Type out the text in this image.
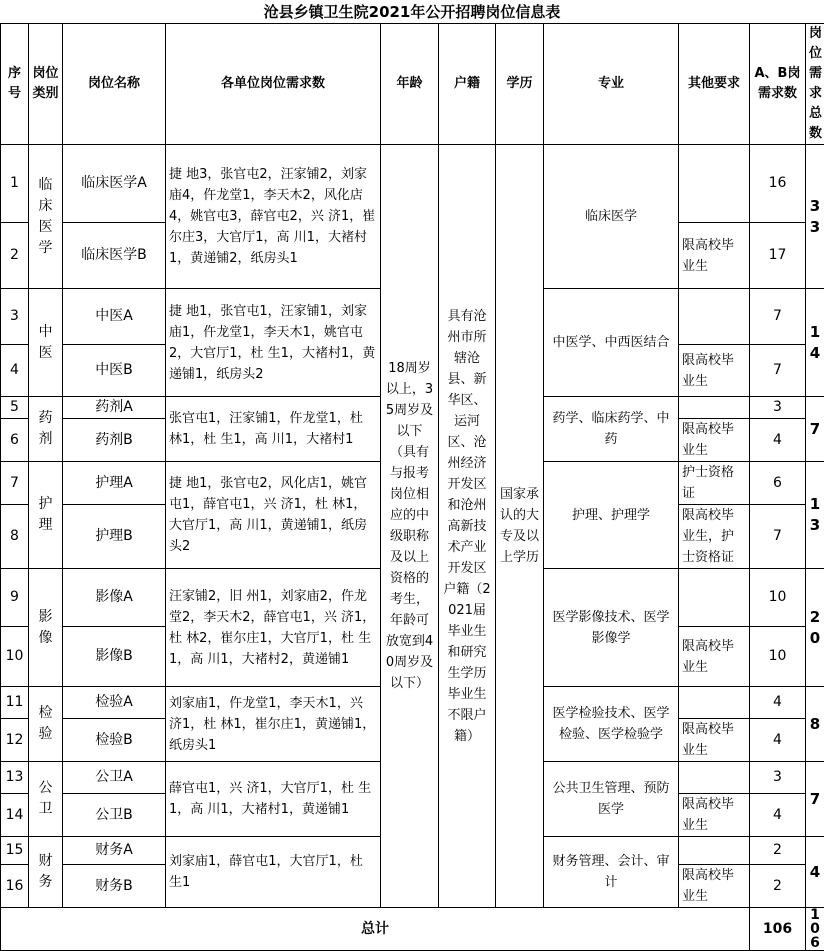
沧县乡镇卫生院2021年公开招聘岗位信息表
序号	岗位类别	岗位名称	各单位岗位需求数	年龄	户籍	学历	专业	其他要求	A、B岗需求数	岗位需求总数
1	临床医学	临床医学A	捷 地3，张官屯2，汪家铺2，刘家庙4，仵龙堂1，李天木2，风化店4，姚官屯3，薛官屯2，兴 济1，崔尔庄3，大官厅1，高 川1，大褚村1，黄递铺2，纸房头1	18周岁以上，35周岁及以下（具有与报考岗位相应的中级职称及以上资格的考生，年龄可放宽到40周岁及以下）	具有沧州市所辖沧县、新华区、运河区、沧州经济开发区和沧州高新技术产业开发区户籍（2021届毕业生和研究生学历毕业生不限户籍）	国家承认的大专及以上学历	临床医学		16	33
2		临床医学B						限高校毕业生	17	
3	中医	中医A	捷 地1，张官屯1，汪家铺1，刘家庙1，仵龙堂1，李天木1，姚官屯2，大官厅1，杜 生1，大褚村1，黄递铺1，纸房头2				中医学、中西医结合		7	14
4		中医B						限高校毕业生	7	
5	药剂	药剂A	张官屯1，汪家铺1，仵龙堂1，杜 林1，杜 生1，高 川1，大褚村1				药学、临床药学、中药		3	7
6		药剂B						限高校毕业生	4	
7	护理	护理A	捷 地1，张官屯2，风化店1，姚官屯1，薛官屯1，兴 济1，杜 林1，大官厅1，高 川1，黄递铺1，纸房头2				护理、护理学	护士资格证	6	13
8		护理B						限高校毕业生，护士资格证	7	
9	影像	影像A	汪家铺2，旧 州1，刘家庙2，仵龙堂2，李天木2，薛官屯1，兴 济1，杜 林2，崔尔庄1，大官厅1，杜 生1，高 川1，大褚村2，黄递铺1				医学影像技术、医学影像学		10	20
10		影像B						限高校毕业生	10	
11	检验	检验A	刘家庙1，仵龙堂1，李天木1，兴 济1，杜 林1，崔尔庄1，黄递铺1，纸房头1				医学检验技术、医学检验、医学检验学		4	8
12		检验B						限高校毕业生	4	
13	公卫	公卫A	薛官屯1，兴 济1，大官厅1，杜 生1，高 川1，大褚村1，黄递铺1				公共卫生管理、预防医学		3	7
14		公卫B						限高校毕业生	4	
15	财务	财务A	刘家庙1，薛官屯1，大官厅1，杜 生1				财务管理、会计、审计		2	4
16		财务B						限高校毕业生	2	
总计									106	106
